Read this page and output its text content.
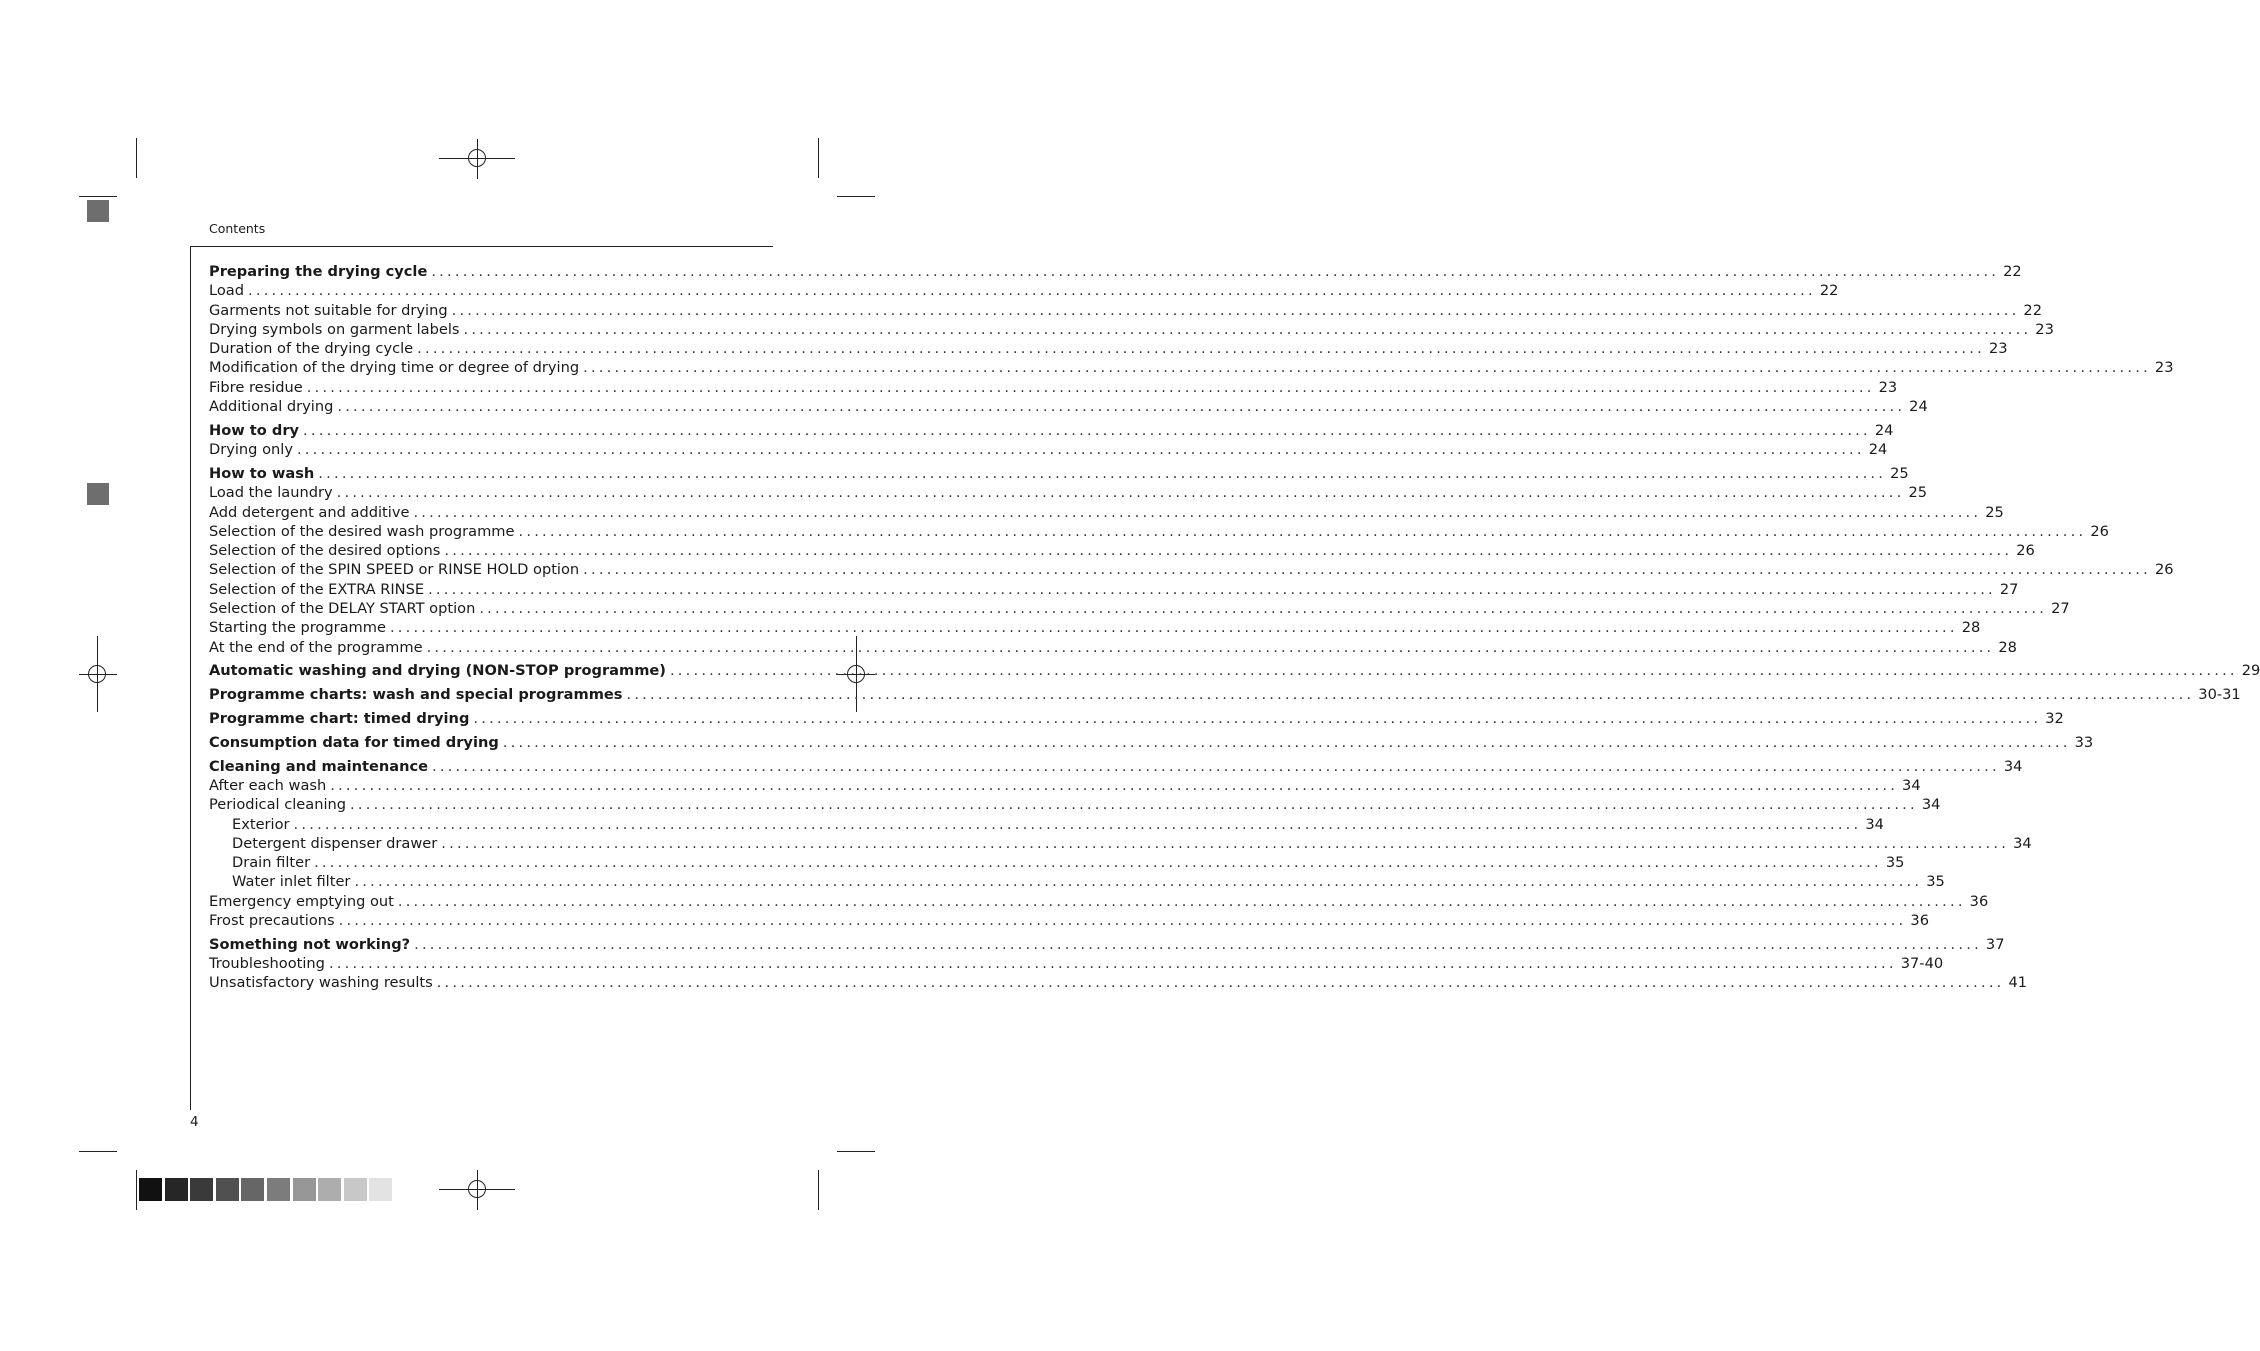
Contents
Preparing the drying cycle ........................................................................................................................................................................................................ 22
Load ........................................................................................................................................................................................................ 22
Garments not suitable for drying ........................................................................................................................................................................................................ 22
Drying symbols on garment labels ........................................................................................................................................................................................................ 23
Duration of the drying cycle ........................................................................................................................................................................................................ 23
Modification of the drying time or degree of drying ........................................................................................................................................................................................................ 23
Fibre residue ........................................................................................................................................................................................................ 23
Additional drying ........................................................................................................................................................................................................ 24
How to dry ........................................................................................................................................................................................................ 24
Drying only ........................................................................................................................................................................................................ 24
How to wash ........................................................................................................................................................................................................ 25
Load the laundry ........................................................................................................................................................................................................ 25
Add detergent and additive ........................................................................................................................................................................................................ 25
Selection of the desired wash programme ........................................................................................................................................................................................................ 26
Selection of the desired options ........................................................................................................................................................................................................ 26
Selection of the SPIN SPEED or RINSE HOLD option ........................................................................................................................................................................................................ 26
Selection of the EXTRA RINSE ........................................................................................................................................................................................................ 27
Selection of the DELAY START option ........................................................................................................................................................................................................ 27
Starting the programme ........................................................................................................................................................................................................ 28
At the end of the programme ........................................................................................................................................................................................................ 28
Automatic washing and drying (NON-STOP programme) ........................................................................................................................................................................................................ 29
Programme charts: wash and special programmes ........................................................................................................................................................................................................ 30-31
Programme chart: timed drying ........................................................................................................................................................................................................ 32
Consumption data for timed drying ........................................................................................................................................................................................................ 33
Cleaning and maintenance ........................................................................................................................................................................................................ 34
After each wash ........................................................................................................................................................................................................ 34
Periodical cleaning ........................................................................................................................................................................................................ 34
Exterior ........................................................................................................................................................................................................ 34
Detergent dispenser drawer ........................................................................................................................................................................................................ 34
Drain filter ........................................................................................................................................................................................................ 35
Water inlet filter ........................................................................................................................................................................................................ 35
Emergency emptying out ........................................................................................................................................................................................................ 36
Frost precautions ........................................................................................................................................................................................................ 36
Something not working? ........................................................................................................................................................................................................ 37
Troubleshooting ........................................................................................................................................................................................................ 37-40
Unsatisfactory washing results ........................................................................................................................................................................................................ 41
4
